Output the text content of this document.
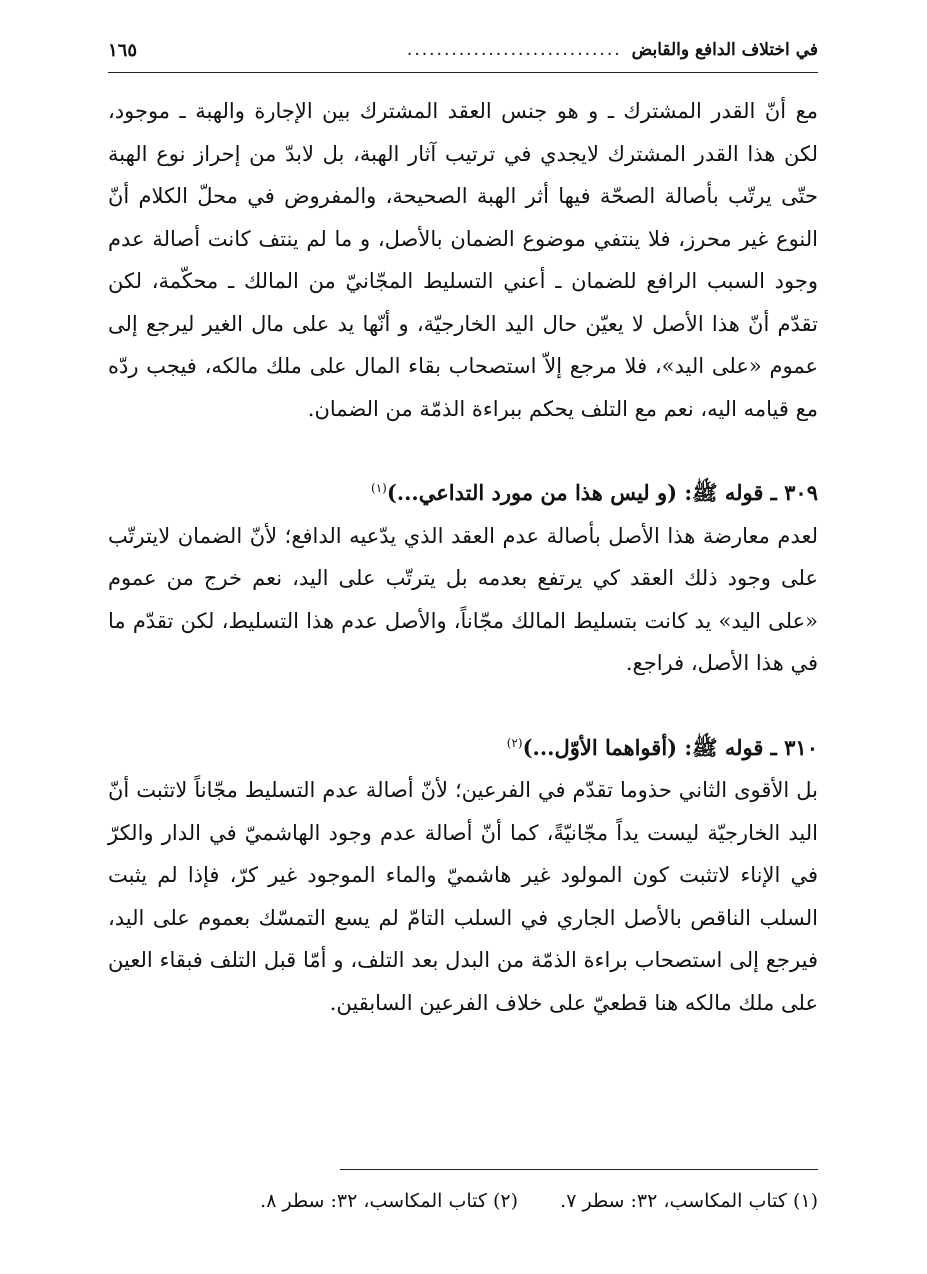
في اختلاف الدافع والقابض
.............................
١٦٥

مع أنّ القدر المشترك ـ و هو جنس العقد المشترك بين الإجارة والهبة ـ موجود، لكن هذا القدر المشترك لايجدي في ترتيب آثار الهبة، بل لابدّ من إحراز نوع الهبة حتّى يرتّب بأصالة الصحّة فيها أثر الهبة الصحيحة، والمفروض في محلّ الكلام أنّ النوع غير محرز، فلا ينتفي موضوع الضمان بالأصل، و ما لم ينتف كانت أصالة عدم وجود السبب الرافع للضمان ـ أعني التسليط المجّانيّ من المالك ـ محكّمة، لكن تقدّم أنّ هذا الأصل لا يعيّن حال اليد الخارجيّة، و أنّها يد على مال الغير ليرجع إلى عموم «على اليد»، فلا مرجع إلاّ استصحاب بقاء المال على ملك مالكه، فيجب ردّه مع قيامه اليه، نعم مع التلف يحكم ببراءة الذمّة من الضمان.

٣٠٩ ـ قوله ﷺ: (و ليس هذا من مورد التداعي...)$^{(١)}$

لعدم معارضة هذا الأصل بأصالة عدم العقد الذي يدّعيه الدافع؛ لأنّ الضمان لايترتّب على وجود ذلك العقد كي يرتفع بعدمه بل يترتّب على اليد، نعم خرج من عموم «على اليد» يد كانت بتسليط المالك مجّاناً، والأصل عدم هذا التسليط، لكن تقدّم ما في هذا الأصل، فراجع.

٣١٠ ـ قوله ﷺ: (أقواهما الأوّل...)$^{(٢)}$

بل الأقوى الثاني حذوما تقدّم في الفرعين؛ لأنّ أصالة عدم التسليط مجّاناً لاتثبت أنّ اليد الخارجيّة ليست يداً مجّانيّةً، كما أنّ أصالة عدم وجود الهاشميّ في الدار والكرّ في الإناء لاتثبت كون المولود غير هاشميّ والماء الموجود غير كرّ، فإذا لم يثبت السلب الناقص بالأصل الجاري في السلب التامّ لم يسع التمسّك بعموم على اليد، فيرجع إلى استصحاب براءة الذمّة من البدل بعد التلف، و أمّا قبل التلف فبقاء العين على ملك مالكه هنا قطعيّ على خلاف الفرعين السابقين.

(١) كتاب المكاسب، ٣٢: سطر ٧.
(٢) كتاب المكاسب، ٣٢: سطر ٨.
